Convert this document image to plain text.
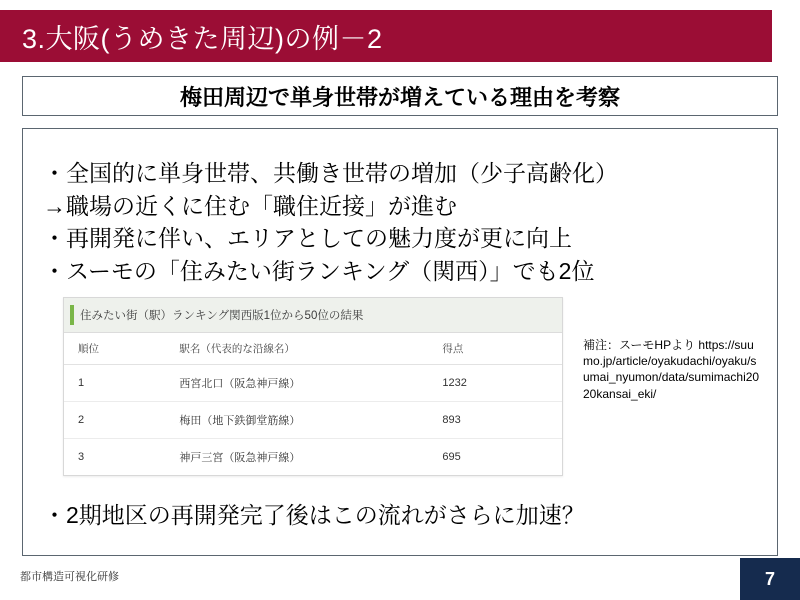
3.大阪(うめきた周辺)の例－2
梅田周辺で単身世帯が増えている理由を考察
・全国的に単身世帯、共働き世帯の増加（少子高齢化）
→職場の近くに住む「職住近接」が進む
・再開発に伴い、エリアとしての魅力度が更に向上
・スーモの「住みたい街ランキング（関西）」でも2位
住みたい街（駅）ランキング関西版1位から50位の結果
順位	駅名（代表的な沿線名）	得点
1	西宮北口（阪急神戸線）	1232
2	梅田（地下鉄御堂筋線）	893
3	神戸三宮（阪急神戸線）	695
補注：スーモHPより https://suumo.jp/article/oyakudachi/oyaku/sumai_nyumon/data/sumimachi2020kansai_eki/
・2期地区の再開発完了後はこの流れがさらに加速？
都市構造可視化研修	7
